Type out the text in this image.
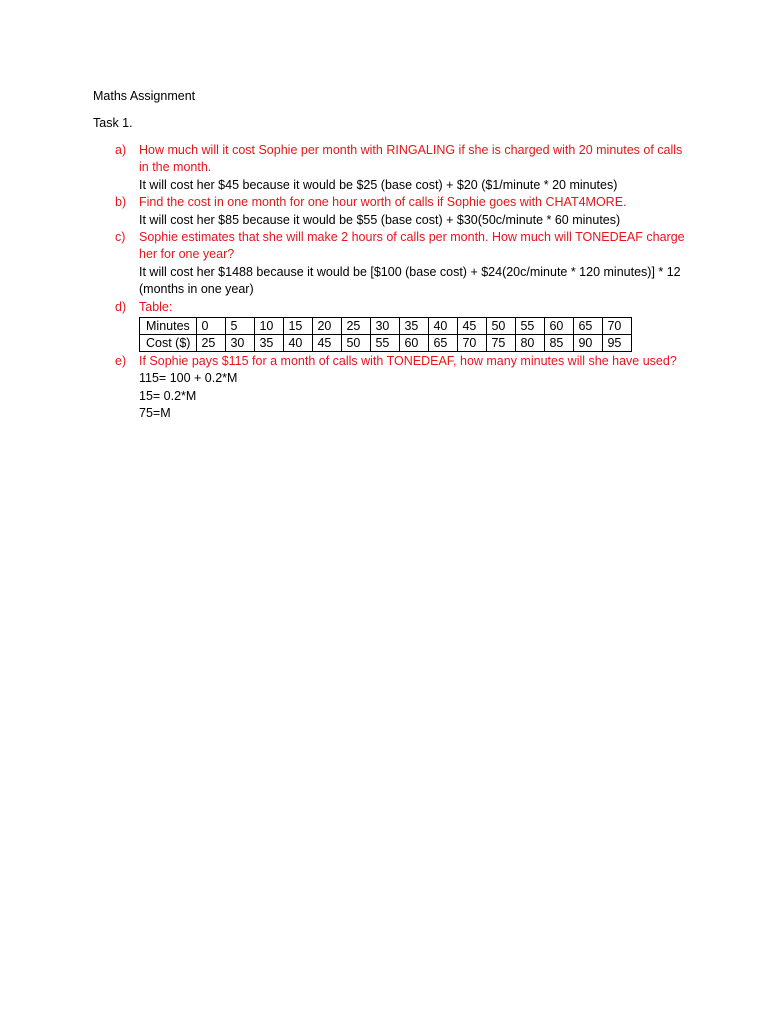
Maths Assignment
Task 1.
a) How much will it cost Sophie per month with RINGALING if she is charged with 20 minutes of calls in the month.
It will cost her $45 because it would be $25 (base cost) + $20 ($1/minute * 20 minutes)
b) Find the cost in one month for one hour worth of calls if Sophie goes with CHAT4MORE.
It will cost her $85 because it would be $55 (base cost) + $30(50c/minute * 60 minutes)
c) Sophie estimates that she will make 2 hours of calls per month. How much will TONEDEAF charge her for one year?
It will cost her $1488 because it would be [$100 (base cost) + $24(20c/minute * 120 minutes)] * 12 (months in one year)
d) Table:
Minutes	0	5	10	15	20	25	30	35	40	45	50	55	60	65	70
Cost ($)	25	30	35	40	45	50	55	60	65	70	75	80	85	90	95
e) If Sophie pays $115 for a month of calls with TONEDEAF, how many minutes will she have used?
115= 100 + 0.2*M
15= 0.2*M
75=M
